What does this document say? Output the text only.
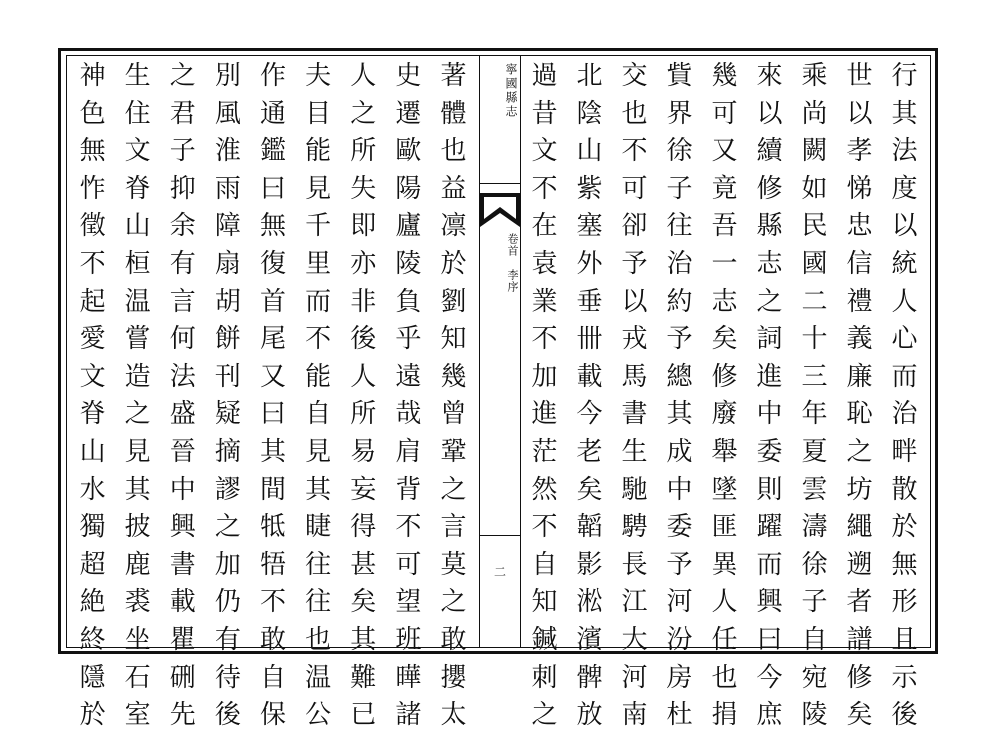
行
其
法
度
以
統
人
心
而
治
畔
散
於
無
形
且
示
後
世
以
孝
悌
忠
信
禮
義
廉
恥
之
坊
繩
遡
者
譜
修
矣
乘
尚
闕
如
民
國
二
十
三
年
夏
雲
濤
徐
子
自
宛
陵
來
以
續
修
縣
志
之
詞
進
中
委
則
躍
而
興
曰
今
庶
幾
可
又
竟
吾
一
志
矣
修
廢
舉
墜
匪
異
人
任
也
捐
貲
界
徐
子
往
治
約
予
總
其
成
中
委
予
河
汾
房
杜
交
也
不
可
卻
予
以
戎
馬
書
生
馳
騁
長
江
大
河
南
北
陰
山
紫
塞
外
垂
卌
載
今
老
矣
韜
影
淞
濱
髀
放
過
昔
文
不
在
袁
業
不
加
進
茫
然
不
自
知
鍼
刺
之
寧國縣志
卷首　李序
二
著
體
也
益
凛
於
劉
知
幾
曾
鞏
之
言
莫
之
敢
攖
太
史
遷
歐
陽
廬
陵
負
乎
遠
哉
肩
背
不
可
望
班
曄
諸
人
之
所
失
即
亦
非
後
人
所
易
妄
得
甚
矣
其
難
已
夫
目
能
見
千
里
而
不
能
自
見
其
睫
往
往
也
温
公
作
通
鑑
曰
無
復
首
尾
又
曰
其
間
牴
牾
不
敢
自
保
別
風
淮
雨
障
扇
胡
餅
刊
疑
摘
謬
之
加
仍
有
待
後
之
君
子
抑
余
有
言
何
法
盛
晉
中
興
書
載
瞿
硎
先
生
住
文
脊
山
桓
温
嘗
造
之
見
其
披
鹿
裘
坐
石
室
神
色
無
怍
徵
不
起
愛
文
脊
山
水
獨
超
絶
終
隱
於
